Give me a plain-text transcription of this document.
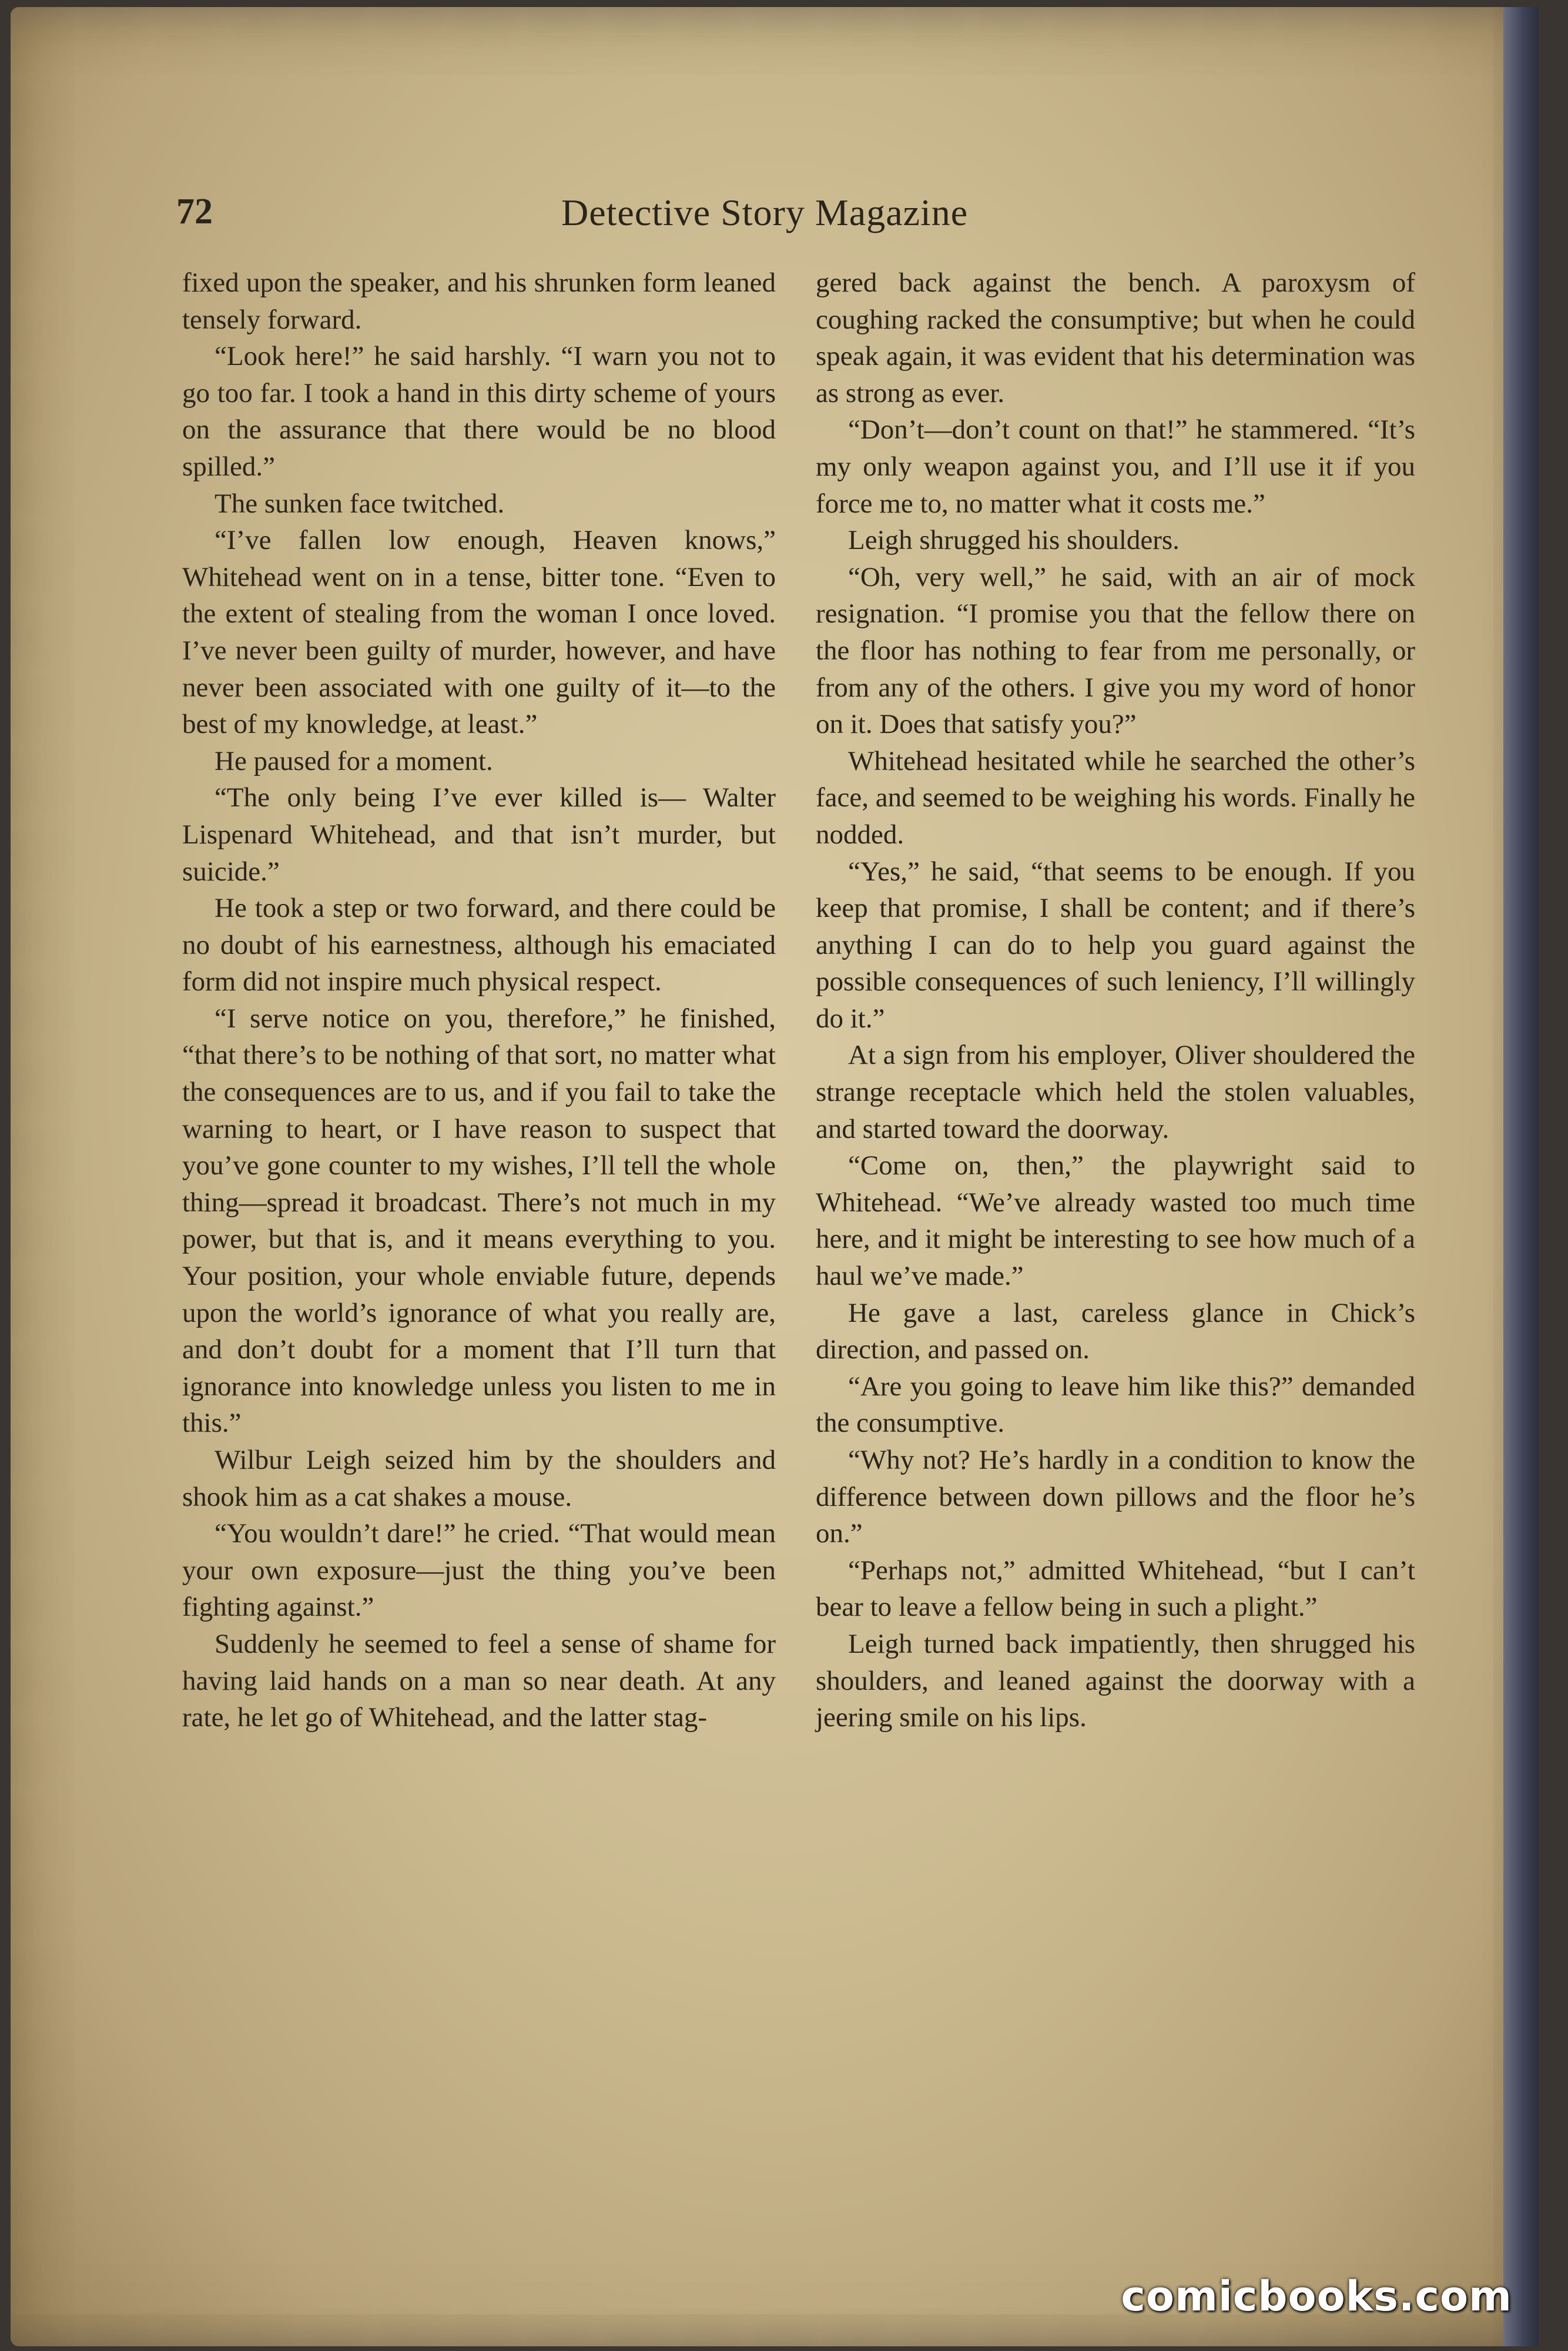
72	Detective Story Magazine

fixed upon the speaker, and his shrunken form leaned tensely forward.

“Look here!” he said harshly. “I warn you not to go too far. I took a hand in this dirty scheme of yours on the assurance that there would be no blood spilled.”

The sunken face twitched.

“I’ve fallen low enough, Heaven knows,” Whitehead went on in a tense, bitter tone. “Even to the extent of stealing from the woman I once loved. I’ve never been guilty of murder, however, and have never been associated with one guilty of it—to the best of my knowledge, at least.”

He paused for a moment.

“The only being I’ve ever killed is— Walter Lispenard Whitehead, and that isn’t murder, but suicide.”

He took a step or two forward, and there could be no doubt of his earnestness, although his emaciated form did not inspire much physical respect.

“I serve notice on you, therefore,” he finished, “that there’s to be nothing of that sort, no matter what the consequences are to us, and if you fail to take the warning to heart, or I have reason to suspect that you’ve gone counter to my wishes, I’ll tell the whole thing—spread it broadcast. There’s not much in my power, but that is, and it means everything to you. Your position, your whole enviable future, depends upon the world’s ignorance of what you really are, and don’t doubt for a moment that I’ll turn that ignorance into knowledge unless you listen to me in this.”

Wilbur Leigh seized him by the shoulders and shook him as a cat shakes a mouse.

“You wouldn’t dare!” he cried. “That would mean your own exposure—just the thing you’ve been fighting against.”

Suddenly he seemed to feel a sense of shame for having laid hands on a man so near death. At any rate, he let go of Whitehead, and the latter stag-

gered back against the bench. A paroxysm of coughing racked the consumptive; but when he could speak again, it was evident that his determination was as strong as ever.

“Don’t—don’t count on that!” he stammered. “It’s my only weapon against you, and I’ll use it if you force me to, no matter what it costs me.”

Leigh shrugged his shoulders.

“Oh, very well,” he said, with an air of mock resignation. “I promise you that the fellow there on the floor has nothing to fear from me personally, or from any of the others. I give you my word of honor on it. Does that satisfy you?”

Whitehead hesitated while he searched the other’s face, and seemed to be weighing his words. Finally he nodded.

“Yes,” he said, “that seems to be enough. If you keep that promise, I shall be content; and if there’s anything I can do to help you guard against the possible consequences of such leniency, I’ll willingly do it.”

At a sign from his employer, Oliver shouldered the strange receptacle which held the stolen valuables, and started toward the doorway.

“Come on, then,” the playwright said to Whitehead. “We’ve already wasted too much time here, and it might be interesting to see how much of a haul we’ve made.”

He gave a last, careless glance in Chick’s direction, and passed on.

“Are you going to leave him like this?” demanded the consumptive.

“Why not? He’s hardly in a condition to know the difference between down pillows and the floor he’s on.”

“Perhaps not,” admitted Whitehead, “but I can’t bear to leave a fellow being in such a plight.”

Leigh turned back impatiently, then shrugged his shoulders, and leaned against the doorway with a jeering smile on his lips.

comicbooks.com
